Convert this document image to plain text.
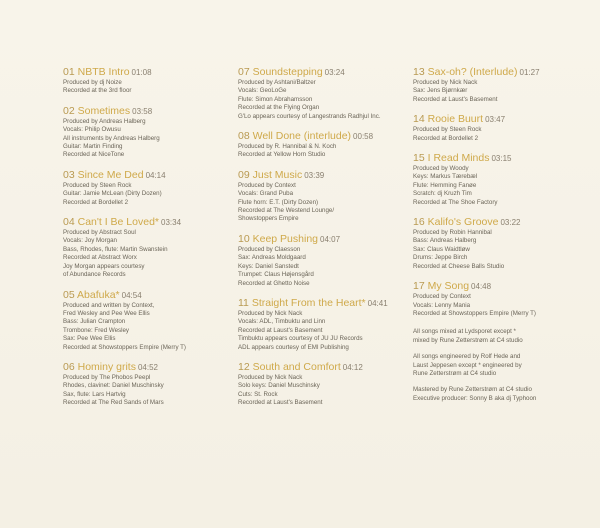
01 NBTB Intro 01:08
Produced by dj Noize
Recorded at the 3rd floor
02 Sometimes 03:58
Produced by Andreas Halberg
Vocals: Philip Owusu
All instruments by Andreas Halberg
Guitar: Martin Finding
Recorded at NiceTone
03 Since Me Ded 04:14
Produced by Steen Rock
Guitar: Jamie McLean (Dirty Dozen)
Recorded at Bordellet 2
04 Can't I Be Loved* 03:34
Produced by Abstract Soul
Vocals: Joy Morgan
Bass, Rhodes, flute: Martin Swanstein
Recorded at Abstract Worx
Joy Morgan appears courtesy
of Abundance Records
05 Abafuka* 04:54
Produced and written by Context,
Fred Wesley and Pee Wee Ellis
Bass: Julian Crampton
Trombone: Fred Wesley
Sax: Pee Wee Ellis
Recorded at Showstoppers Empire (Merry T)
06 Hominy grits 04:52
Produced by The Phobos Peepl
Rhodes, clavinet: Daniel Muschinsky
Sax, flute: Lars Hartvig
Recorded at The Red Sands of Mars
07 Soundstepping 03:24
Produced by Ashtani/Baltzer
Vocals: GeoLoGe
Flute: Simon Abrahamsson
Recorded at the Flying Organ
G'Lo appears courtesy of Langestrands Radhjul Inc.
08 Well Done (interlude) 00:58
Produced by R. Hannibal & N. Koch
Recorded at Yellow Horn Studio
09 Just Music 03:39
Produced by Context
Vocals: Grand Puba
Flute horn: E.T. (Dirty Dozen)
Recorded at The Westend Lounge/
Showstoppers Empire
10 Keep Pushing 04:07
Produced by Claesson
Sax: Andreas Moldgaard
Keys: Daniel Sanstedt
Trumpet: Claus Højensgård
Recorded at Ghetto Noise
11 Straight From the Heart* 04:41
Produced by Nick Nack
Vocals: ADL, Timbuktu and Linn
Recorded at Laust's Basement
Timbuktu appears courtesy of JU JU Records
ADL appears courtesy of EMI Publishing
12 South and Comfort 04:12
Produced by Nick Nack
Solo keys: Daniel Muschinsky
Cuts: St. Rock
Recorded at Laust's Basement
13 Sax-oh? (Interlude) 01:27
Produced by Nick Nack
Sax: Jens Bjørnkær
Recorded at Laust's Basement
14 Rooie Buurt 03:47
Produced by Steen Rock
Recorded at Bordellet 2
15 I Read Minds 03:15
Produced by Woody
Keys: Markus Tærebæl
Flute: Hemming Fanøe
Scratch: dj Kruzh Tim
Recorded at The Shoe Factory
16 Kalifo's Groove 03:22
Produced by Robin Hannibal
Bass: Andreas Halberg
Sax: Claus Waidtløw
Drums: Jeppe Birch
Recorded at Cheese Balls Studio
17 My Song 04:48
Produced by Context
Vocals: Lenny Mania
Recorded at Showstoppers Empire (Merry T)
All songs mixed at Lydsporet except *
mixed by Rune Zetterstrøm at C4 studio
All songs engineered by Rolf Hede and
Laust Jeppesen except * engineered by
Rune Zetterstrøm at C4 studio
Mastered by Rune Zetterstrøm at C4 studio
Executive producer: Sonny B aka dj Typhoon
